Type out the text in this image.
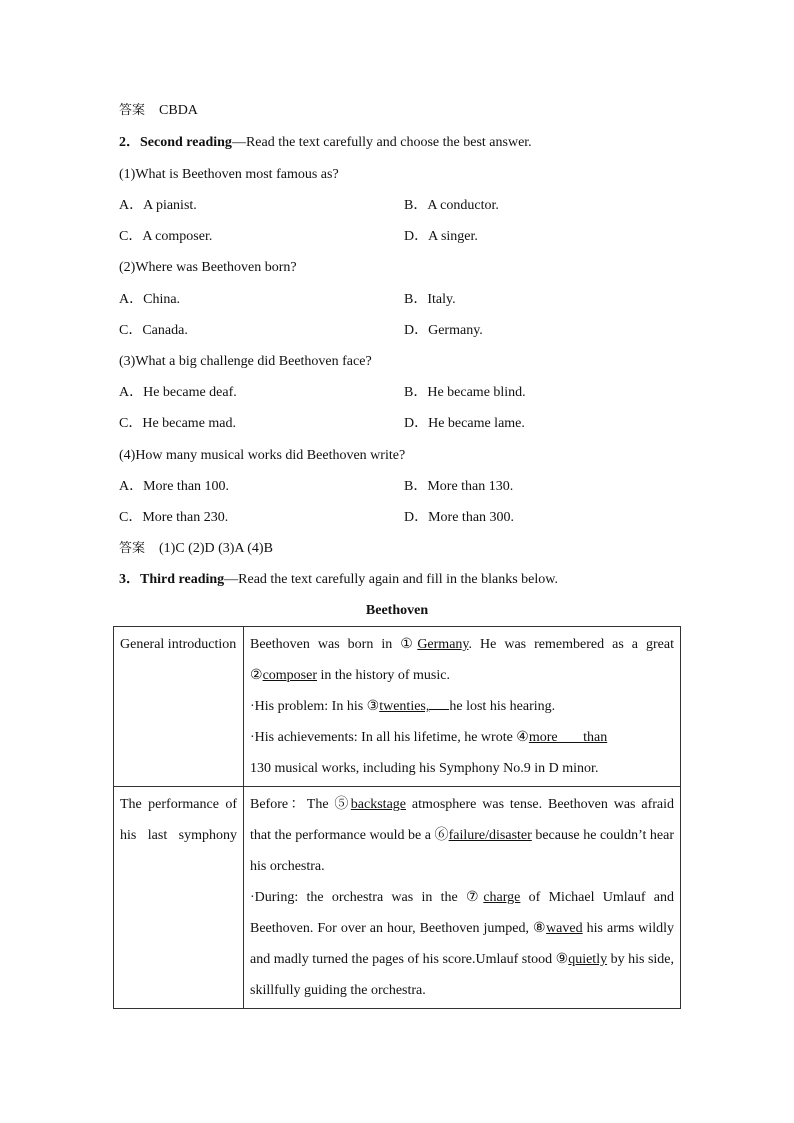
答案 CBDA
2．Second reading—Read the text carefully and choose the best answer.
(1)What is Beethoven most famous as?
A．A pianist.	B．A conductor.
C．A composer.	D．A singer.
(2)Where was Beethoven born?
A．China.	B．Italy.
C．Canada.	D．Germany.
(3)What a big challenge did Beethoven face?
A．He became deaf.	B．He became blind.
C．He became mad.	D．He became lame.
(4)How many musical works did Beethoven write?
A．More than 100.	B．More than 130.
C．More than 230.	D．More than 300.
答案 (1)C (2)D (3)A (4)B
3．Third reading—Read the text carefully again and fill in the blanks below.
Beethoven
General introduction	Beethoven was born in ①Germany. He was remembered as a great ②composer in the history of music.
·His problem: In his ③twenties, he lost his hearing.
·His achievements: In all his lifetime, he wrote ④more than
130 musical works, including his Symphony No.9 in D minor.
The performance of his last symphony	Before：The ⑤backstage atmosphere was tense. Beethoven was afraid that the performance would be a ⑥failure/disaster because he couldn’t hear his orchestra.
·During: the orchestra was in the ⑦charge of Michael Umlauf and Beethoven. For over an hour, Beethoven jumped, ⑧waved his arms wildly and madly turned the pages of his score.Umlauf stood ⑨quietly by his side, skillfully guiding the orchestra.
